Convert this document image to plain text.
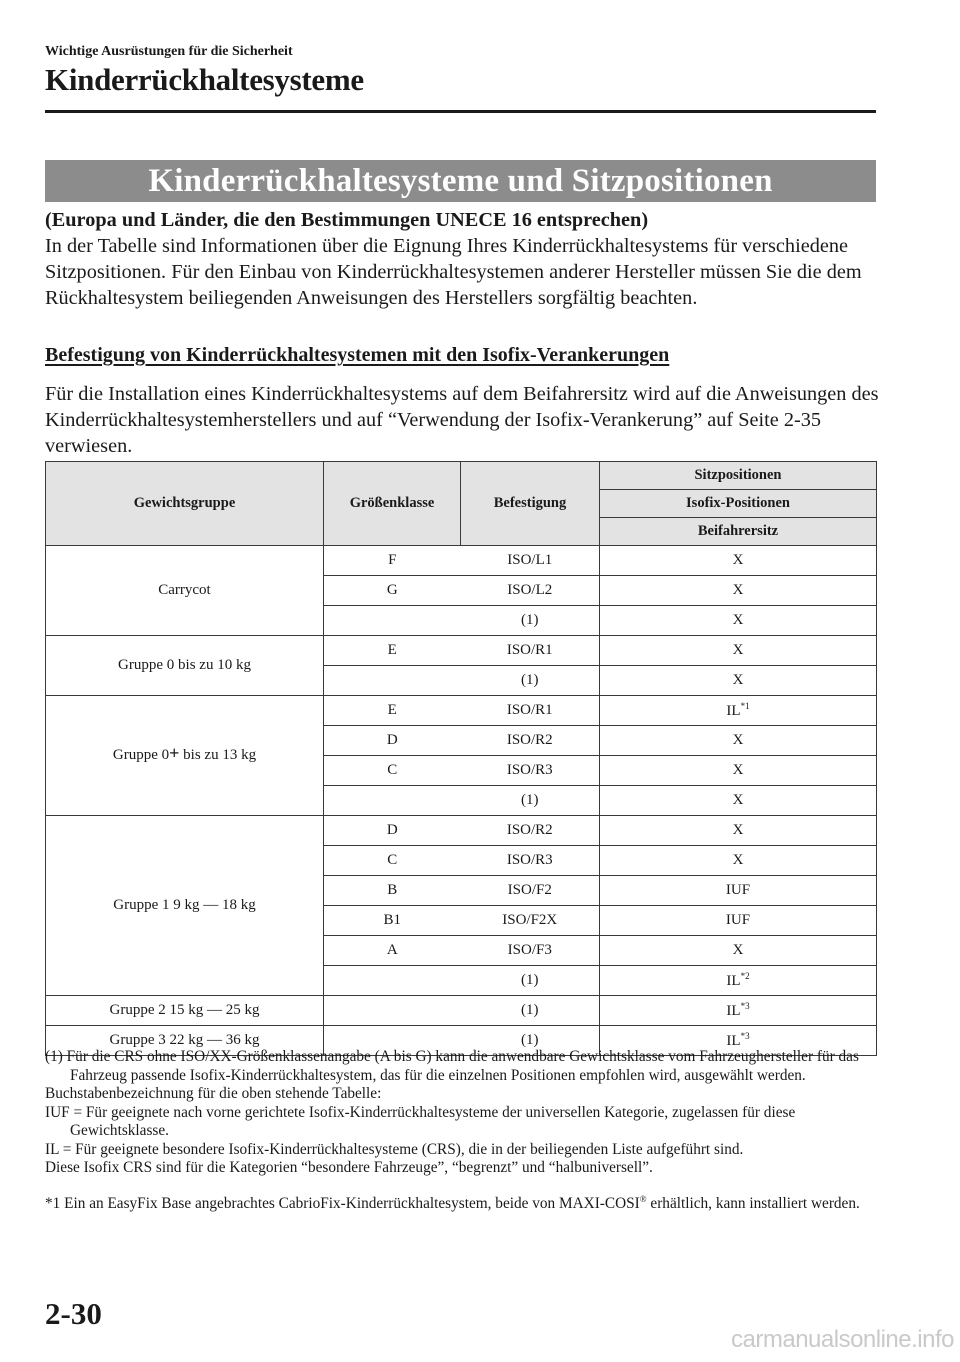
Wichtige Ausrüstungen für die Sicherheit
Kinderrückhaltesysteme
Kinderrückhaltesysteme und Sitzpositionen
(Europa und Länder, die den Bestimmungen UNECE 16 entsprechen)
In der Tabelle sind Informationen über die Eignung Ihres Kinderrückhaltesystems für verschiedene Sitzpositionen. Für den Einbau von Kinderrückhaltesystemen anderer Hersteller müssen Sie die dem Rückhaltesystem beiliegenden Anweisungen des Herstellers sorgfältig beachten.
Befestigung von Kinderrückhaltesystemen mit den Isofix-Verankerungen
Für die Installation eines Kinderrückhaltesystems auf dem Beifahrersitz wird auf die Anweisungen des Kinderrückhaltesystemherstellers und auf “Verwendung der Isofix-Verankerung” auf Seite 2-35 verwiesen.
Gewichtsgruppe	Größenklasse	Befestigung	Sitzpositionen
			Isofix-Positionen
			Beifahrersitz
Carrycot	F	ISO/L1	X
	G	ISO/L2	X
		(1)	X
Gruppe 0 bis zu 10 kg	E	ISO/R1	X
		(1)	X
Gruppe 0+ bis zu 13 kg	E	ISO/R1	IL$^{*1}$
	D	ISO/R2	X
	C	ISO/R3	X
		(1)	X
Gruppe 1 9 kg — 18 kg	D	ISO/R2	X
	C	ISO/R3	X
	B	ISO/F2	IUF
	B1	ISO/F2X	IUF
	A	ISO/F3	X
		(1)	IL$^{*2}$
Gruppe 2 15 kg — 25 kg		(1)	IL$^{*3}$
Gruppe 3 22 kg — 36 kg		(1)	IL$^{*3}$

(1) Für die CRS ohne ISO/XX-Größenklassenangabe (A bis G) kann die anwendbare Gewichtsklasse vom Fahrzeughersteller für das Fahrzeug passende Isofix-Kinderrückhaltesystem, das für die einzelnen Positionen empfohlen wird, ausgewählt werden.

Buchstabenbezeichnung für die oben stehende Tabelle:

IUF = Für geeignete nach vorne gerichtete Isofix-Kinderrückhaltesysteme der universellen Kategorie, zugelassen für diese Gewichtsklasse.

IL = Für geeignete besondere Isofix-Kinderrückhaltesysteme (CRS), die in der beiliegenden Liste aufgeführt sind.

Diese Isofix CRS sind für die Kategorien “besondere Fahrzeuge”, “begrenzt” und “halbuniversell”.

*1 Ein an EasyFix Base angebrachtes CabrioFix-Kinderrückhaltesystem, beide von MAXI-COSI® erhältlich, kann installiert werden.

2-30
carmanualsonline.info
